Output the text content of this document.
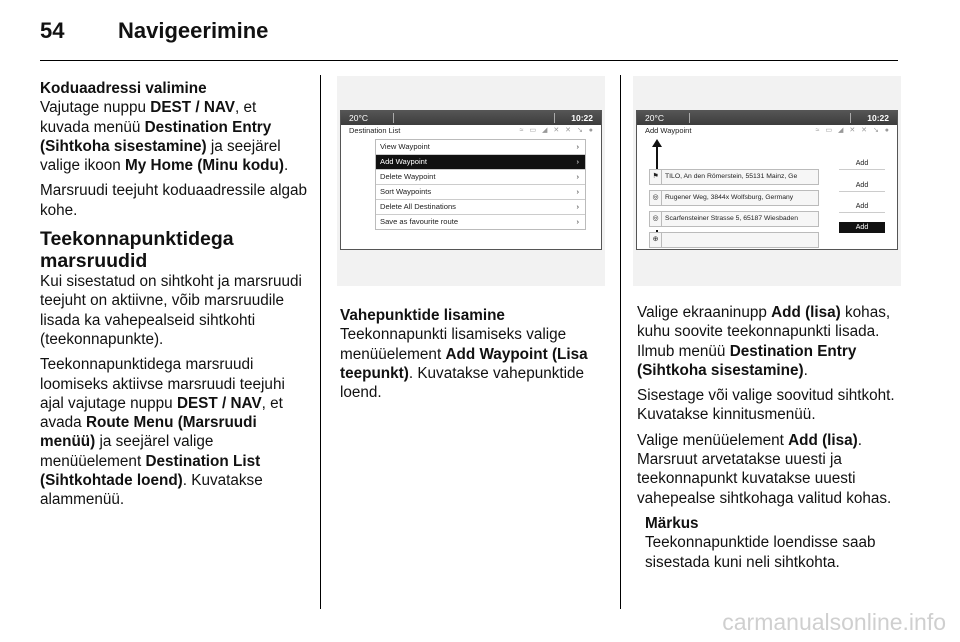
54 Navigeerimine
Koduaadressi valimine

Vajutage nuppu DEST / NAV, et kuvada menüü Destination Entry (Sihtkoha sisestamine) ja seejärel valige ikoon My Home (Minu kodu).

Marsruudi teejuht koduaadressile algab kohe.

Teekonnapunktidega marsruudid

Kui sisestatud on sihtkoht ja marsruudi teejuht on aktiivne, võib marsruudile lisada ka vahepealseid sihtkohti (teekonnapunkte).

Teekonnapunktidega marsruudi loomiseks aktiivse marsruudi teejuhi ajal vajutage nuppu DEST / NAV, et avada Route Menu (Marsruudi menüü) ja seejärel valige menüüelement Destination List (Sihtkohtade loend). Kuvatakse alammenüü.

20°C	10:22
Destination List	≈ ▭ ◢ ✕ ✕ ↘ ●
View Waypoint	›
Add Waypoint	›
Delete Waypoint	›
Sort Waypoints	›
Delete All Destinations	›
Save as favourite route	›
Vahepunktide lisamine

Teekonnapunkti lisamiseks valige menüüelement Add Waypoint (Lisa teepunkt). Kuvatakse vahepunktide loend.

20°C	10:22
Add Waypoint	≈ ▭ ◢ ✕ ✕ ↘ ●
⚑ TILO, An den Römerstein, 55131 Mainz, Ge
◎ Rugener Weg, 3844x Wolfsburg, Germany
◎ Scarfensteiner Strasse 5, 65187 Wiesbaden
⊕
Add
Add
Add
Add

Valige ekraaninupp Add (lisa) kohas, kuhu soovite teekonnapunkti lisada. Ilmub menüü Destination Entry (Sihtkoha sisestamine).

Sisestage või valige soovitud sihtkoht. Kuvatakse kinnitusmenüü.

Valige menüüelement Add (lisa). Marsruut arvetatakse uuesti ja teekonnapunkt kuvatakse uuesti vahepealse sihtkohaga valitud kohas.

Märkus
Teekonnapunktide loendisse saab sisestada kuni neli sihtkohta.
carmanualsonline.info
